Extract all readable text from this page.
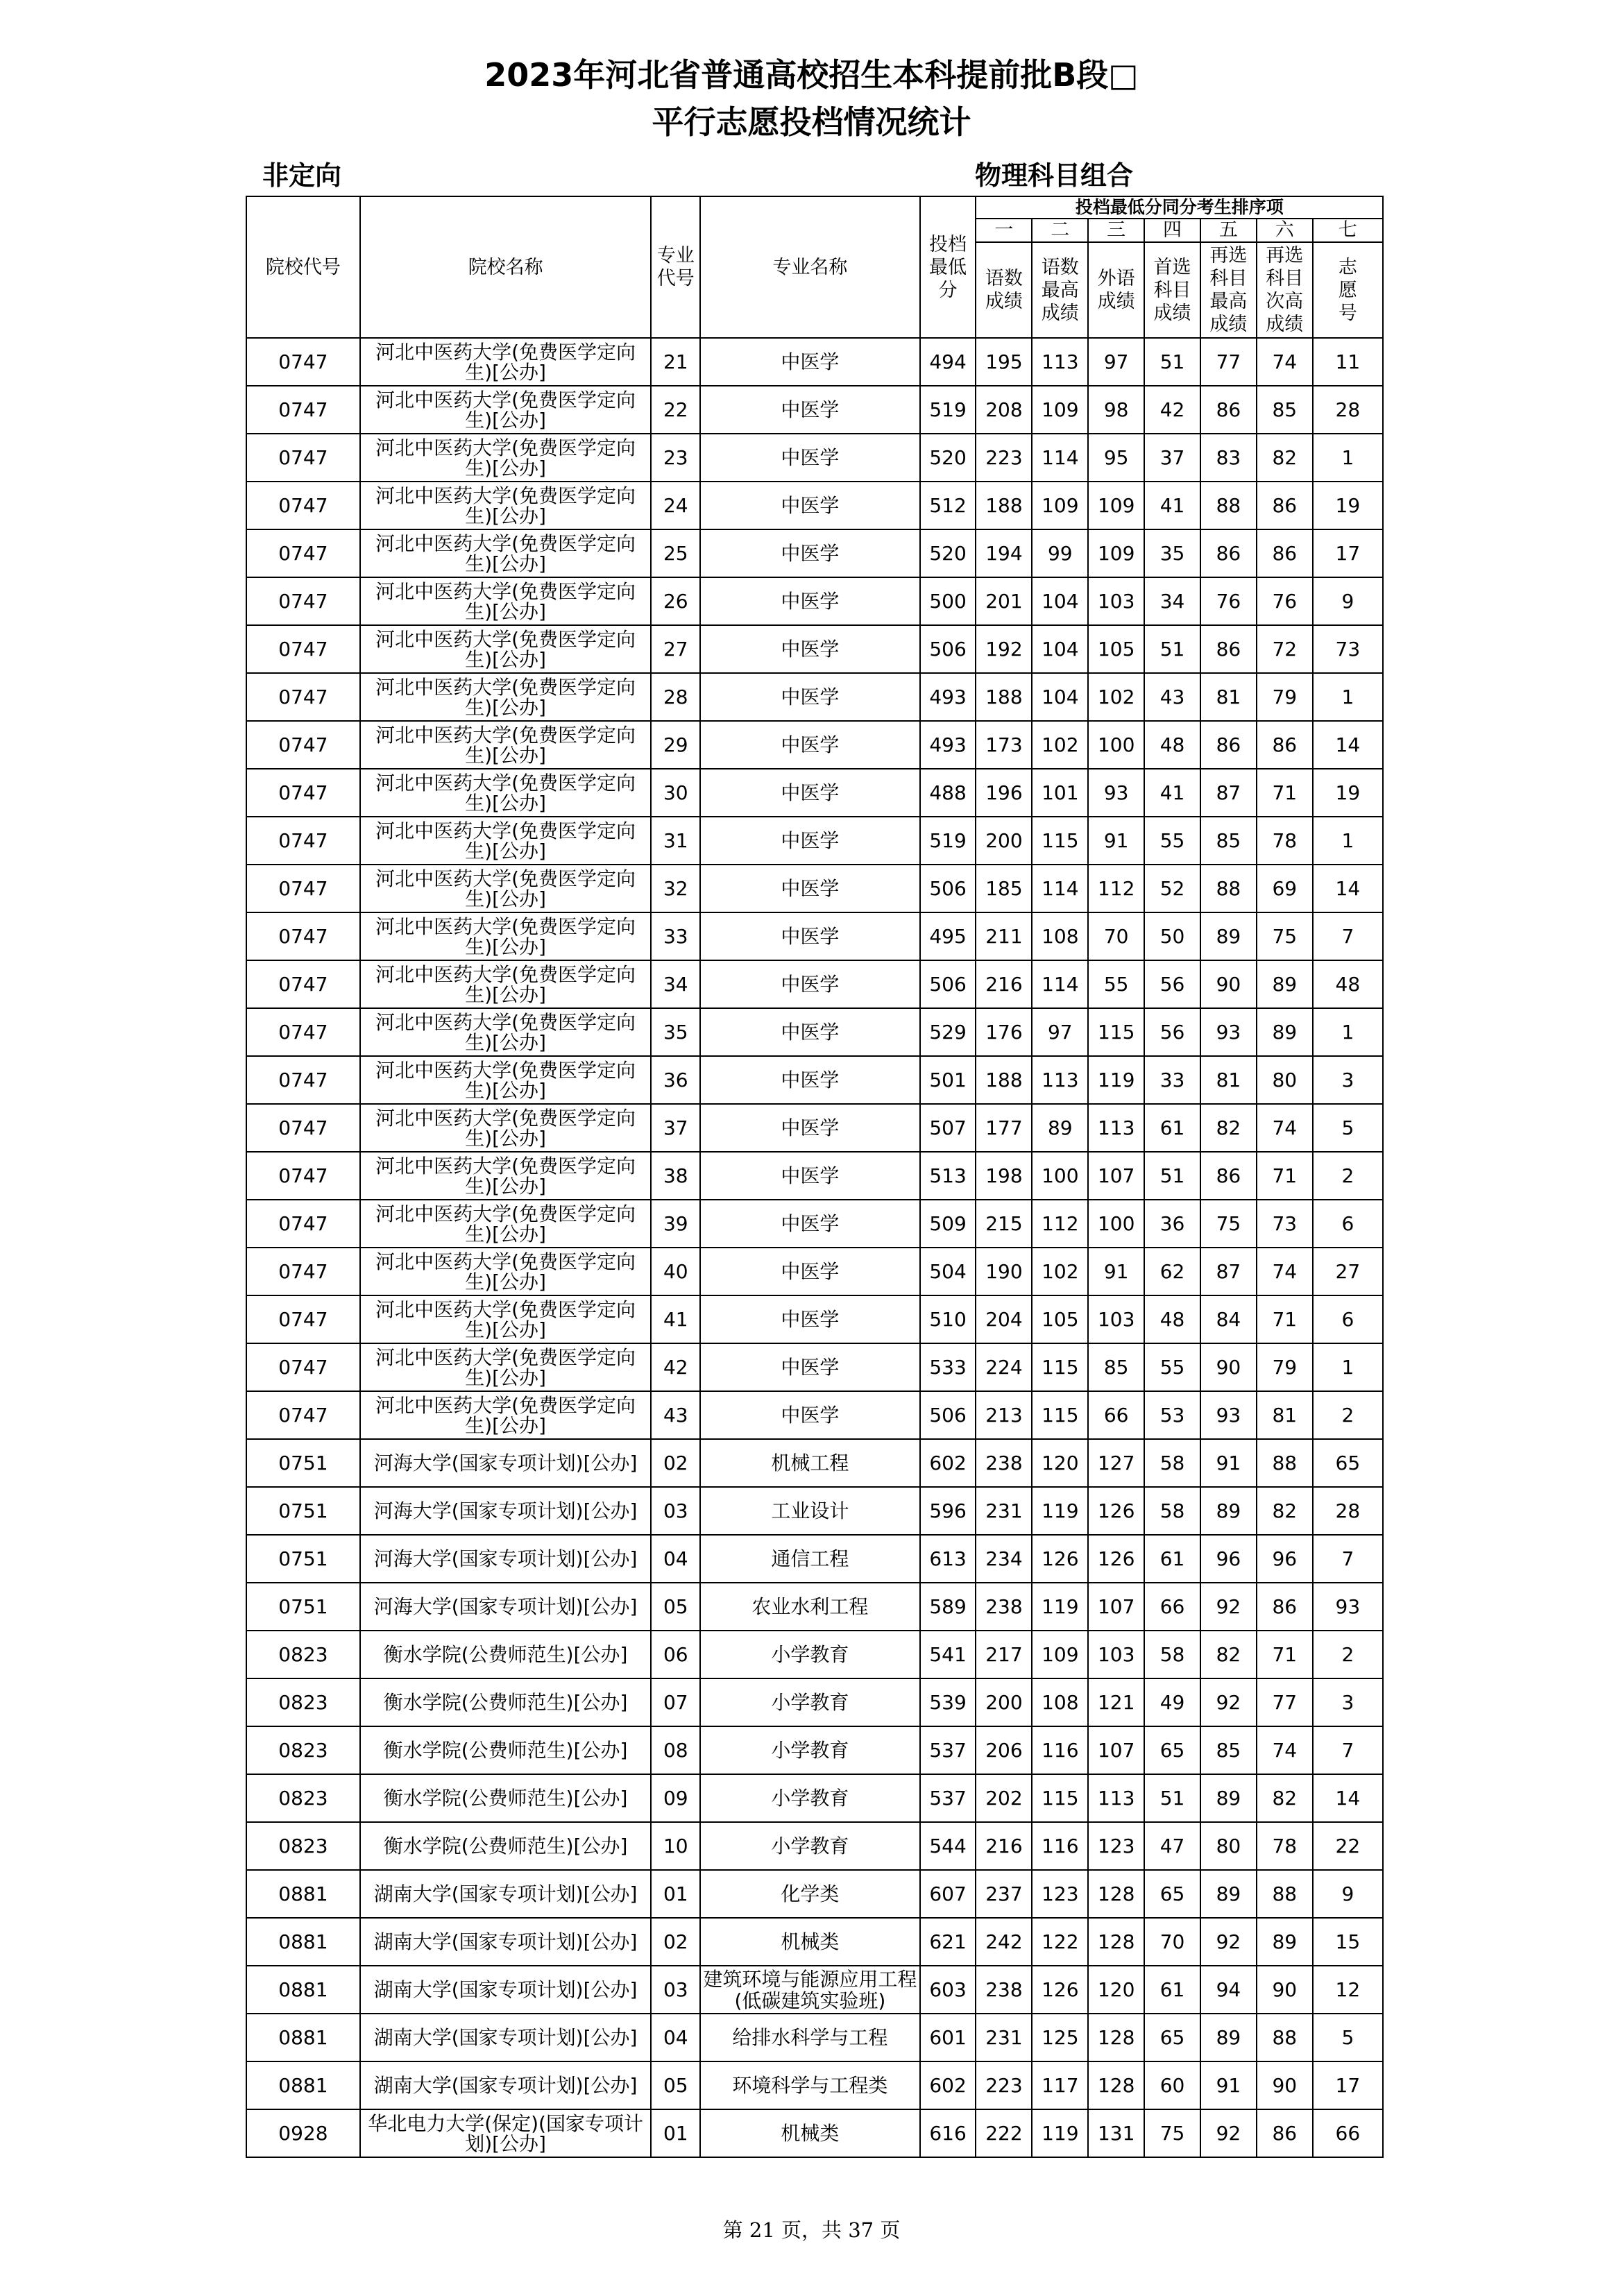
2023年河北省普通高校招生本科提前批B段□
平行志愿投档情况统计
非定向	物理科目组合
院校代号	院校名称	专业代号	专业名称	投档最低分	投档最低分同分考生排序项						
					一	二	三	四	五	六	七

					语数成绩	语数最高成绩	外语成绩	首选科目成绩	再选科目最高成绩	再选科目次高成绩	志愿号

0747	河北中医药大学(免费医学定向生)[公办]	21	中医学	494	195	113	97	51	77	74	11
0747	河北中医药大学(免费医学定向生)[公办]	22	中医学	519	208	109	98	42	86	85	28
0747	河北中医药大学(免费医学定向生)[公办]	23	中医学	520	223	114	95	37	83	82	1
0747	河北中医药大学(免费医学定向生)[公办]	24	中医学	512	188	109	109	41	88	86	19
0747	河北中医药大学(免费医学定向生)[公办]	25	中医学	520	194	99	109	35	86	86	17
0747	河北中医药大学(免费医学定向生)[公办]	26	中医学	500	201	104	103	34	76	76	9
0747	河北中医药大学(免费医学定向生)[公办]	27	中医学	506	192	104	105	51	86	72	73
0747	河北中医药大学(免费医学定向生)[公办]	28	中医学	493	188	104	102	43	81	79	1
0747	河北中医药大学(免费医学定向生)[公办]	29	中医学	493	173	102	100	48	86	86	14
0747	河北中医药大学(免费医学定向生)[公办]	30	中医学	488	196	101	93	41	87	71	19
0747	河北中医药大学(免费医学定向生)[公办]	31	中医学	519	200	115	91	55	85	78	1
0747	河北中医药大学(免费医学定向生)[公办]	32	中医学	506	185	114	112	52	88	69	14
0747	河北中医药大学(免费医学定向生)[公办]	33	中医学	495	211	108	70	50	89	75	7
0747	河北中医药大学(免费医学定向生)[公办]	34	中医学	506	216	114	55	56	90	89	48
0747	河北中医药大学(免费医学定向生)[公办]	35	中医学	529	176	97	115	56	93	89	1
0747	河北中医药大学(免费医学定向生)[公办]	36	中医学	501	188	113	119	33	81	80	3
0747	河北中医药大学(免费医学定向生)[公办]	37	中医学	507	177	89	113	61	82	74	5
0747	河北中医药大学(免费医学定向生)[公办]	38	中医学	513	198	100	107	51	86	71	2
0747	河北中医药大学(免费医学定向生)[公办]	39	中医学	509	215	112	100	36	75	73	6
0747	河北中医药大学(免费医学定向生)[公办]	40	中医学	504	190	102	91	62	87	74	27
0747	河北中医药大学(免费医学定向生)[公办]	41	中医学	510	204	105	103	48	84	71	6
0747	河北中医药大学(免费医学定向生)[公办]	42	中医学	533	224	115	85	55	90	79	1
0747	河北中医药大学(免费医学定向生)[公办]	43	中医学	506	213	115	66	53	93	81	2
0751	河海大学(国家专项计划)[公办]	02	机械工程	602	238	120	127	58	91	88	65
0751	河海大学(国家专项计划)[公办]	03	工业设计	596	231	119	126	58	89	82	28
0751	河海大学(国家专项计划)[公办]	04	通信工程	613	234	126	126	61	96	96	7
0751	河海大学(国家专项计划)[公办]	05	农业水利工程	589	238	119	107	66	92	86	93
0823	衡水学院(公费师范生)[公办]	06	小学教育	541	217	109	103	58	82	71	2
0823	衡水学院(公费师范生)[公办]	07	小学教育	539	200	108	121	49	92	77	3
0823	衡水学院(公费师范生)[公办]	08	小学教育	537	206	116	107	65	85	74	7
0823	衡水学院(公费师范生)[公办]	09	小学教育	537	202	115	113	51	89	82	14
0823	衡水学院(公费师范生)[公办]	10	小学教育	544	216	116	123	47	80	78	22
0881	湖南大学(国家专项计划)[公办]	01	化学类	607	237	123	128	65	89	88	9
0881	湖南大学(国家专项计划)[公办]	02	机械类	621	242	122	128	70	92	89	15
0881	湖南大学(国家专项计划)[公办]	03	建筑环境与能源应用工程(低碳建筑实验班)	603	238	126	120	61	94	90	12
0881	湖南大学(国家专项计划)[公办]	04	给排水科学与工程	601	231	125	128	65	89	88	5
0881	湖南大学(国家专项计划)[公办]	05	环境科学与工程类	602	223	117	128	60	91	90	17
0928	华北电力大学(保定)(国家专项计划)[公办]	01	机械类	616	222	119	131	75	92	86	66
第 21 页，共 37 页
